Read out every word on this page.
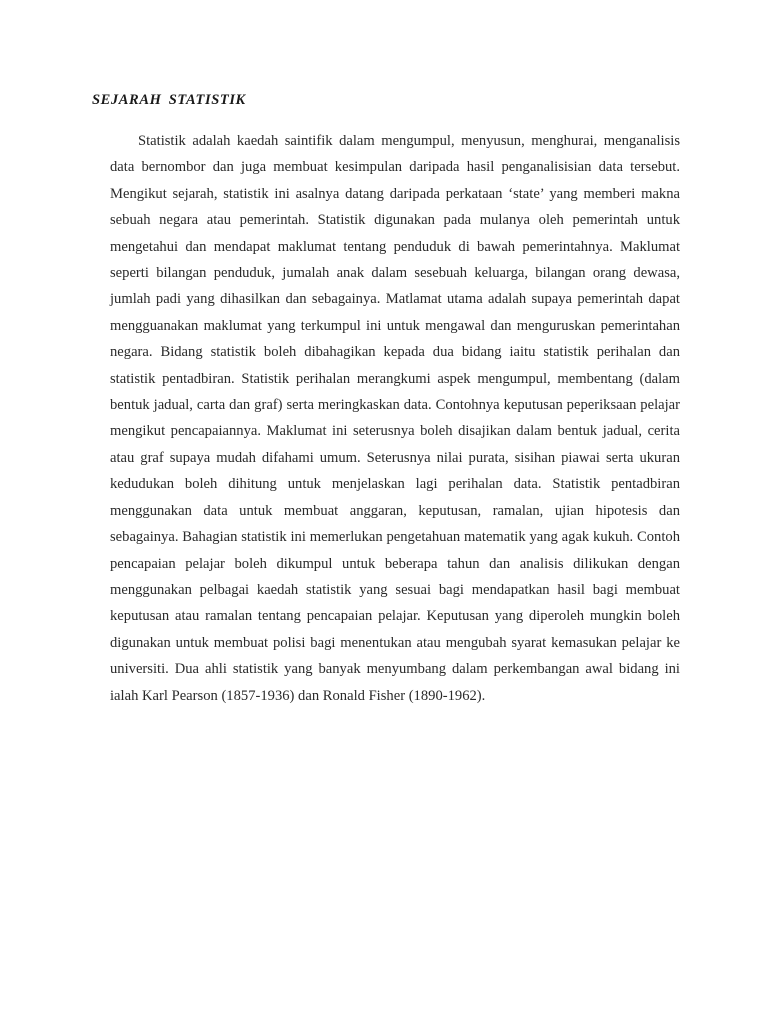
SEJARAH STATISTIK

Statistik adalah kaedah saintifik dalam mengumpul, menyusun, menghurai, menganalisis data bernombor dan juga membuat kesimpulan daripada hasil penganalisisian data tersebut. Mengikut sejarah, statistik ini asalnya datang daripada perkataan ‘state’ yang memberi makna sebuah negara atau pemerintah. Statistik digunakan pada mulanya oleh pemerintah untuk mengetahui dan mendapat maklumat tentang penduduk di bawah pemerintahnya. Maklumat seperti bilangan penduduk, jumalah anak dalam sesebuah keluarga, bilangan orang dewasa, jumlah padi yang dihasilkan dan sebagainya. Matlamat utama adalah supaya pemerintah dapat mengguanakan maklumat yang terkumpul ini untuk mengawal dan menguruskan pemerintahan negara. Bidang statistik boleh dibahagikan kepada dua bidang iaitu statistik perihalan dan statistik pentadbiran. Statistik perihalan merangkumi aspek mengumpul, membentang (dalam bentuk jadual, carta dan graf) serta meringkaskan data. Contohnya keputusan peperiksaan pelajar mengikut pencapaiannya. Maklumat ini seterusnya boleh disajikan dalam bentuk jadual, cerita atau graf supaya mudah difahami umum. Seterusnya nilai purata, sisihan piawai serta ukuran kedudukan boleh dihitung untuk menjelaskan lagi perihalan data. Statistik pentadbiran menggunakan data untuk membuat anggaran, keputusan, ramalan, ujian hipotesis dan sebagainya. Bahagian statistik ini memerlukan pengetahuan matematik yang agak kukuh. Contoh pencapaian pelajar boleh dikumpul untuk beberapa tahun dan analisis dilikukan dengan menggunakan pelbagai kaedah statistik yang sesuai bagi mendapatkan hasil bagi membuat keputusan atau ramalan tentang pencapaian pelajar. Keputusan yang diperoleh mungkin boleh digunakan untuk membuat polisi bagi menentukan atau mengubah syarat kemasukan pelajar ke universiti. Dua ahli statistik yang banyak menyumbang dalam perkembangan awal bidang ini ialah Karl Pearson (1857-1936) dan Ronald Fisher (1890-1962).
